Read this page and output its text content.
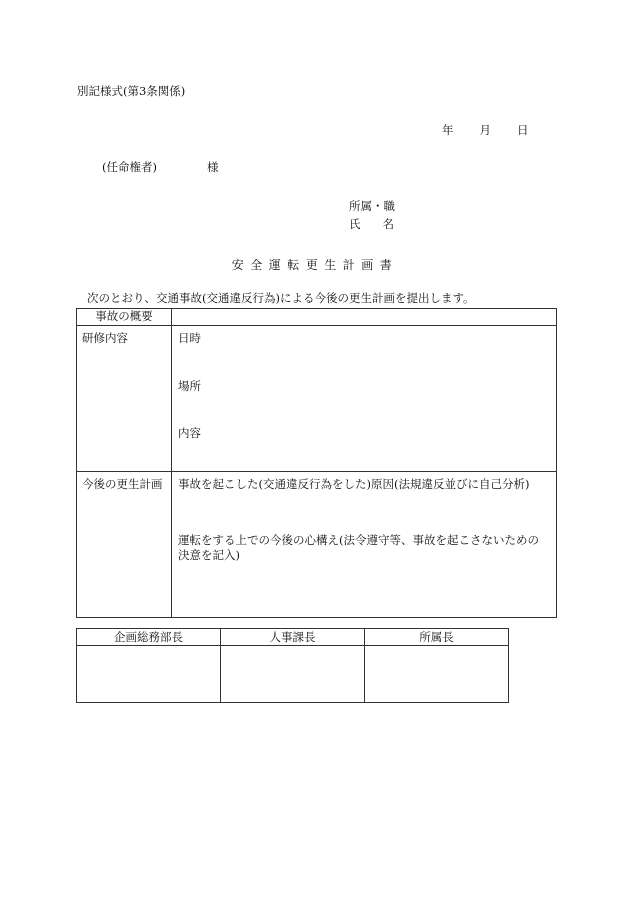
別記様式(第3条関係)
年 月 日
(任命権者)	様
所属・職
氏 名
安全運転更生計画書
次のとおり、交通事故(交通違反行為)による今後の更生計画を提出します。
事故の概要	
研修内容	日時
場所
内容

今後の更生計画	事故を起こした(交通違反行為をした)原因(法規違反並びに自己分析)
運転をする上での今後の心構え(法令遵守等、事故を起こさないための
決意を記入)
企画総務部長	人事課長	所属長
